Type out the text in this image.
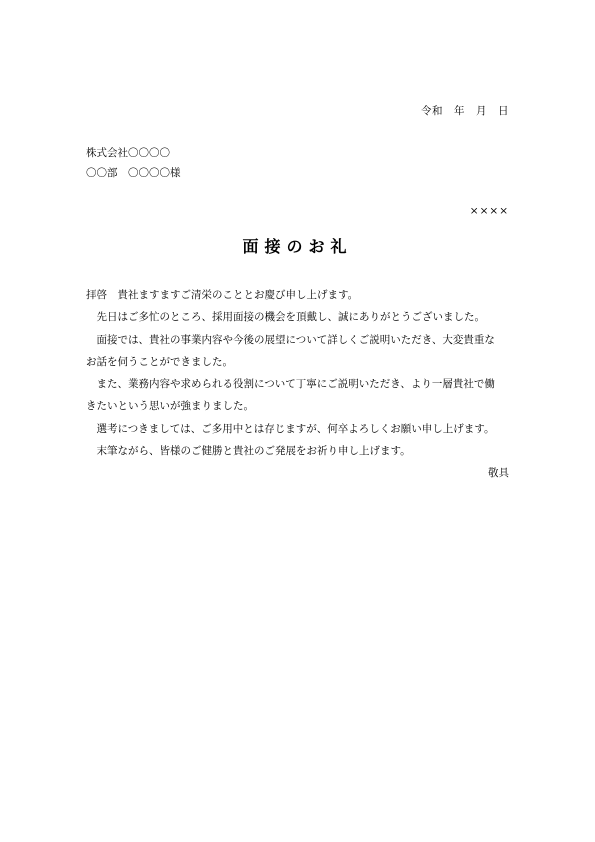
令和　年　月　日
株式会社〇〇〇〇
〇〇部　〇〇〇〇様
××××
面接のお礼
拝啓　貴社ますますご清栄のこととお慶び申し上げます。
　先日はご多忙のところ、採用面接の機会を頂戴し、誠にありがとうございました。
　面接では、貴社の事業内容や今後の展望について詳しくご説明いただき、大変貴重な
お話を伺うことができました。
　また、業務内容や求められる役割について丁寧にご説明いただき、より一層貴社で働
きたいという思いが強まりました。
　選考につきましては、ご多用中とは存じますが、何卒よろしくお願い申し上げます。
　末筆ながら、皆様のご健勝と貴社のご発展をお祈り申し上げます。
敬具
